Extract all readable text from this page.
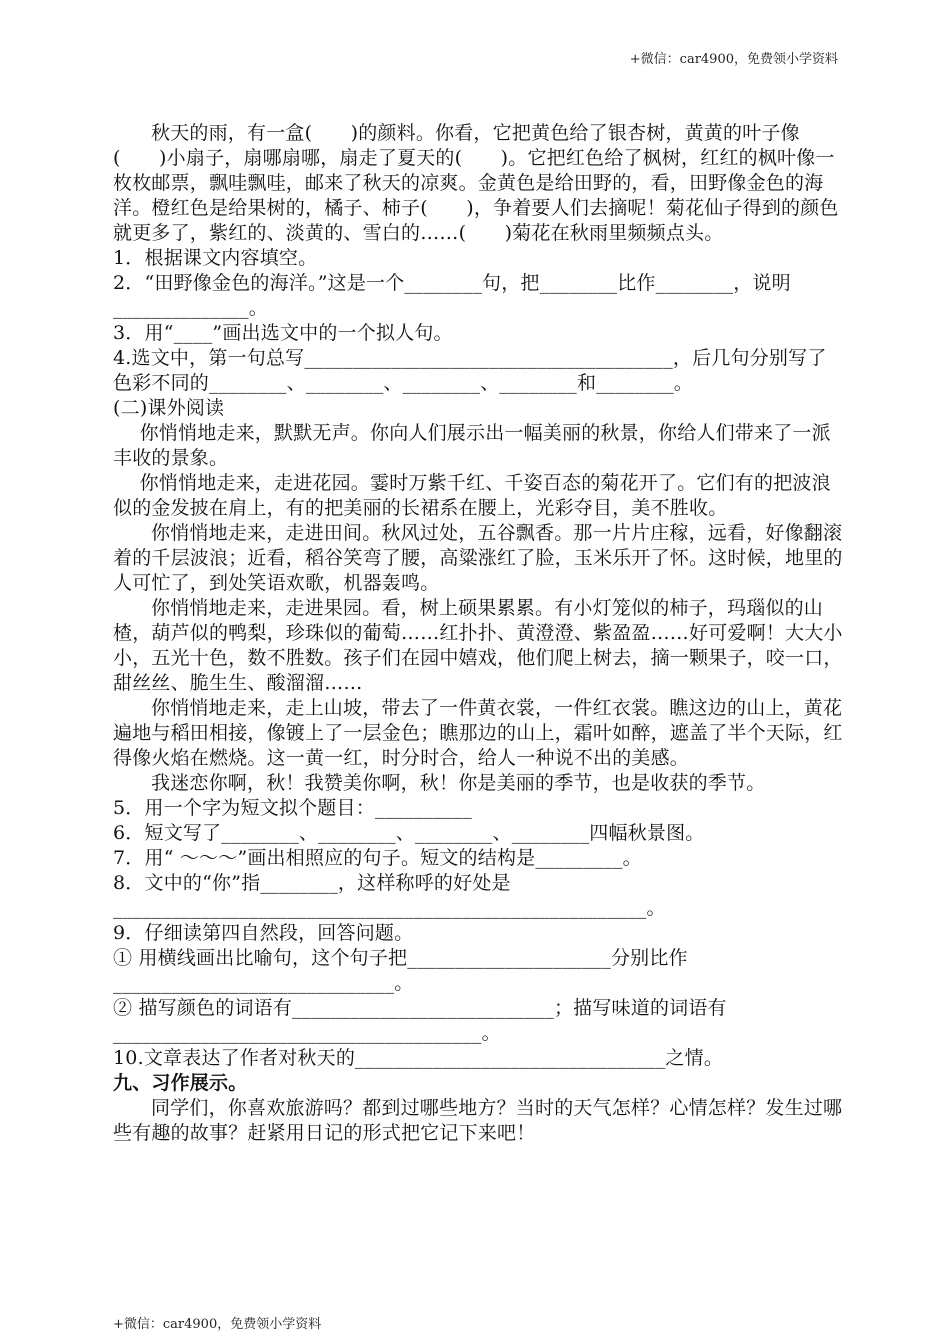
+微信：car4900，免费领小学资料

秋天的雨，有一盒(　　)的颜料。你看，它把黄色给了银杏树，黄黄的叶子像(　　)小扇子，扇哪扇哪，扇走了夏天的(　　)。它把红色给了枫树，红红的枫叶像一枚枚邮票，飘哇飘哇，邮来了秋天的凉爽。金黄色是给田野的，看，田野像金色的海洋。橙红色是给果树的，橘子、柿子(　　)，争着要人们去摘呢！菊花仙子得到的颜色就更多了，紫红的、淡黄的、雪白的……(　　)菊花在秋雨里频频点头。

1．根据课文内容填空。

2．“田野像金色的海洋。”这是一个________句，把________比作________，说明______________。

3．用“____”画出选文中的一个拟人句。

4.选文中，第一句总写______________________________________，后几句分别写了色彩不同的________、________、________、________和________。

(二)课外阅读

你悄悄地走来，默默无声。你向人们展示出一幅美丽的秋景，你给人们带来了一派丰收的景象。

你悄悄地走来，走进花园。霎时万紫千红、千姿百态的菊花开了。它们有的把波浪似的金发披在肩上，有的把美丽的长裙系在腰上，光彩夺目，美不胜收。

你悄悄地走来，走进田间。秋风过处，五谷飘香。那一片片庄稼，远看，好像翻滚着的千层波浪；近看，稻谷笑弯了腰，高粱涨红了脸，玉米乐开了怀。这时候，地里的人可忙了，到处笑语欢歌，机器轰鸣。

你悄悄地走来，走进果园。看，树上硕果累累。有小灯笼似的柿子，玛瑙似的山楂，葫芦似的鸭梨，珍珠似的葡萄……红扑扑、黄澄澄、紫盈盈……好可爱啊！大大小小，五光十色，数不胜数。孩子们在园中嬉戏，他们爬上树去，摘一颗果子，咬一口，甜丝丝、脆生生、酸溜溜……

你悄悄地走来，走上山坡，带去了一件黄衣裳，一件红衣裳。瞧这边的山上，黄花遍地与稻田相接，像镀上了一层金色；瞧那边的山上，霜叶如醉，遮盖了半个天际，红得像火焰在燃烧。这一黄一红，时分时合，给人一种说不出的美感。

我迷恋你啊，秋！我赞美你啊，秋！你是美丽的季节，也是收获的季节。

5．用一个字为短文拟个题目：__________

6．短文写了________、________、________、________四幅秋景图。

7．用“ ～～～”画出相照应的句子。短文的结构是_________。

8．文中的“你”指________，这样称呼的好处是_______________________________________________________。

9．仔细读第四自然段，回答问题。

① 用横线画出比喻句，这个句子把_____________________分别比作_____________________________。

② 描写颜色的词语有___________________________；描写味道的词语有______________________________________。

10.文章表达了作者对秋天的________________________________之情。

九、习作展示。

同学们，你喜欢旅游吗？都到过哪些地方？当时的天气怎样？心情怎样？发生过哪些有趣的故事？赶紧用日记的形式把它记下来吧！

+微信：car4900，免费领小学资料
